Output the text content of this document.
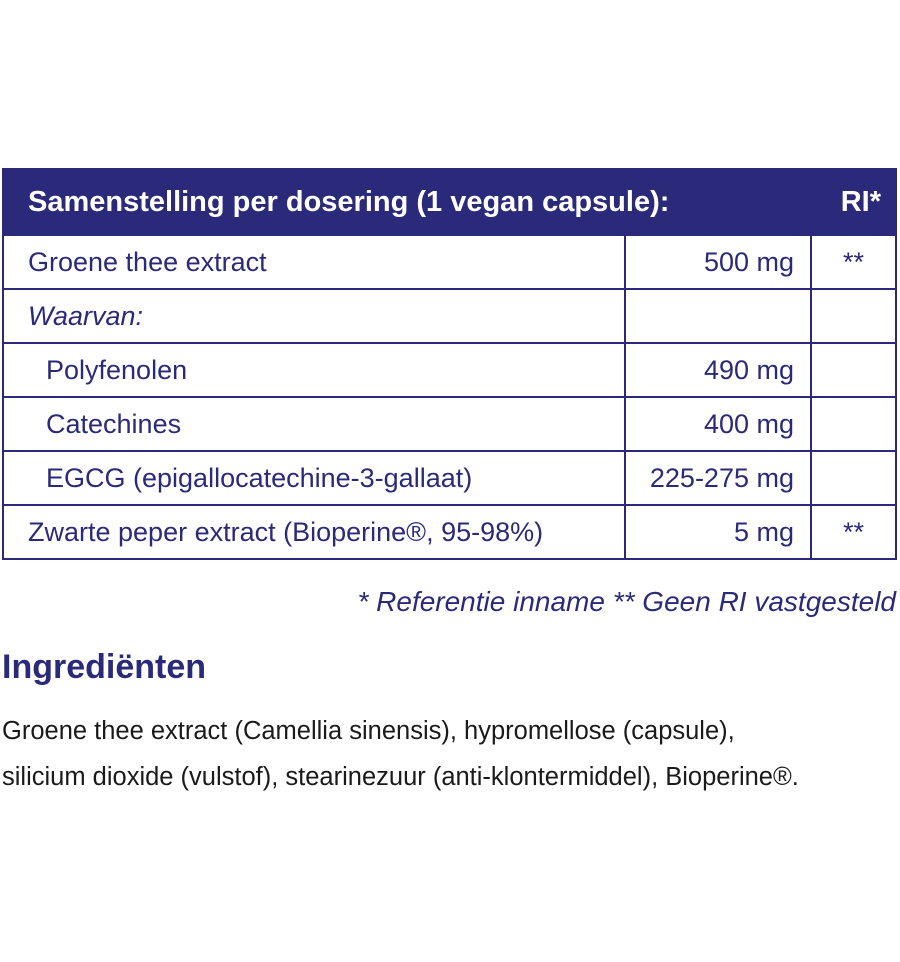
Samenstelling per dosering (1 vegan capsule):		RI*
Groene thee extract	500 mg	**
Waarvan:		
Polyfenolen	490 mg	
Catechines	400 mg	
EGCG (epigallocatechine-3-gallaat)	225-275 mg	
Zwarte peper extract (Bioperine®, 95-98%)	5 mg	**

* Referentie inname ** Geen RI vastgesteld

Ingrediënten

Groene thee extract (Camellia sinensis), hypromellose (capsule),
silicium dioxide (vulstof), stearinezuur (anti-klontermiddel), Bioperine®.
